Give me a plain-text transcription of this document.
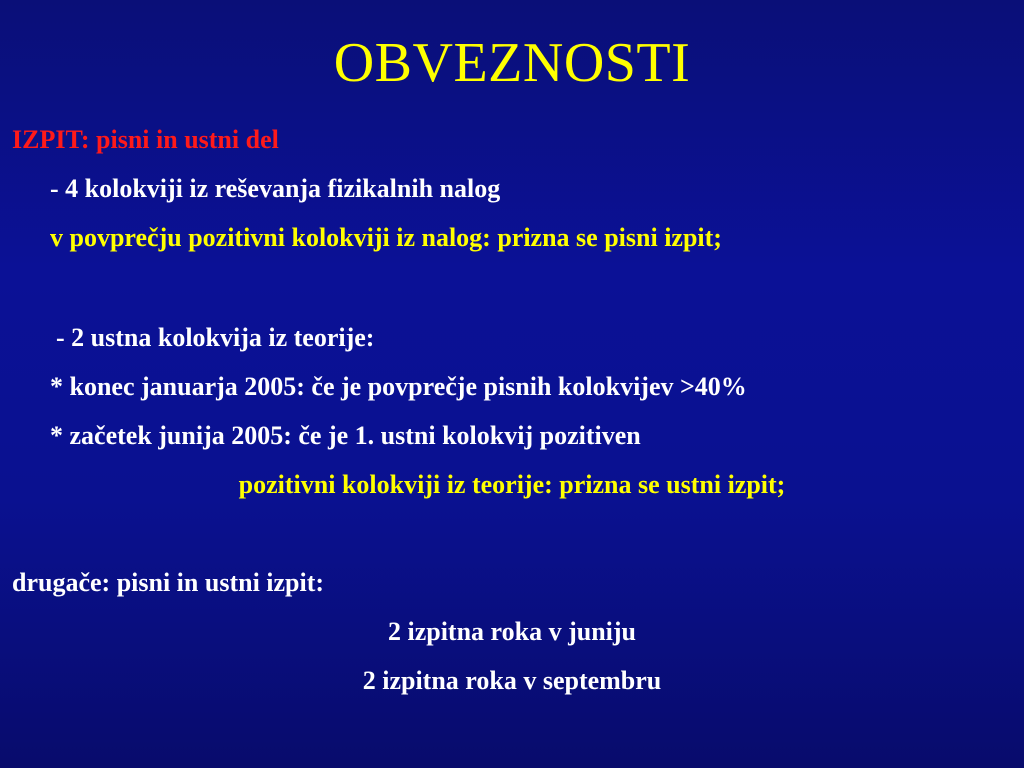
OBVEZNOSTI
IZPIT: pisni in ustni del
- 4 kolokviji iz reševanja fizikalnih nalog
v povprečju pozitivni kolokviji iz nalog: prizna se pisni izpit;
- 2 ustna kolokvija iz teorije:
* konec januarja 2005: če je povprečje pisnih kolokvijev >40%
* začetek junija 2005: če je 1. ustni kolokvij pozitiven
pozitivni kolokviji iz teorije: prizna se ustni izpit;
drugače: pisni in ustni izpit:
2 izpitna roka v juniju
2 izpitna roka v septembru
